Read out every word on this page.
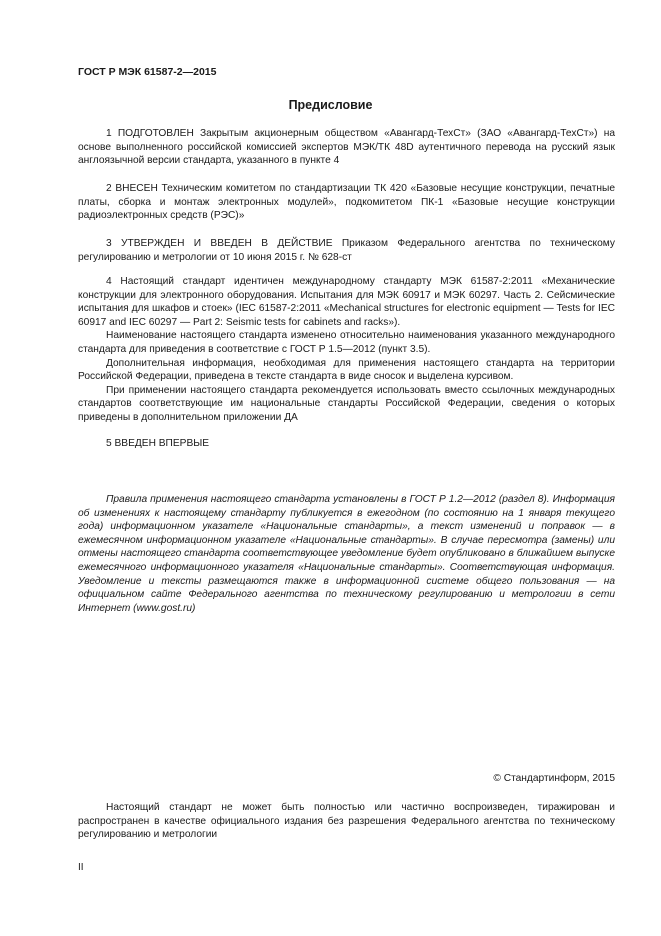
ГОСТ Р МЭК 61587-2—2015
Предисловие

1 ПОДГОТОВЛЕН Закрытым акционерным обществом «Авангард-ТехСт» (ЗАО «Авангард-ТехСт») на основе выполненного российской комиссией экспертов МЭК/ТК 48D аутентичного перевода на русский язык англоязычной версии стандарта, указанного в пункте 4

2 ВНЕСЕН Техническим комитетом по стандартизации ТК 420 «Базовые несущие конструкции, печатные платы, сборка и монтаж электронных модулей», подкомитетом ПК-1 «Базовые несущие конструкции радиоэлектронных средств (РЭС)»

3 УТВЕРЖДЕН И ВВЕДЕН В ДЕЙСТВИЕ Приказом Федерального агентства по техническому регулированию и метрологии от 10 июня 2015 г. № 628-ст

4 Настоящий стандарт идентичен международному стандарту МЭК 61587-2:2011 «Механические конструкции для электронного оборудования. Испытания для МЭК 60917 и МЭК 60297. Часть 2. Сейсмические испытания для шкафов и стоек» (IEC 61587-2:2011 «Mechanical structures for electronic equipment — Tests for IEC 60917 and IEC 60297 — Part 2: Seismic tests for cabinets and racks»).

Наименование настоящего стандарта изменено относительно наименования указанного международного стандарта для приведения в соответствие с ГОСТ Р 1.5—2012 (пункт 3.5).

Дополнительная информация, необходимая для применения настоящего стандарта на территории Российской Федерации, приведена в тексте стандарта в виде сносок и выделена курсивом.

При применении настоящего стандарта рекомендуется использовать вместо ссылочных международных стандартов соответствующие им национальные стандарты Российской Федерации, сведения о которых приведены в дополнительном приложении ДА

5 ВВЕДЕН ВПЕРВЫЕ

Правила применения настоящего стандарта установлены в ГОСТ Р 1.2—2012 (раздел 8). Информация об изменениях к настоящему стандарту публикуется в ежегодном (по состоянию на 1 января текущего года) информационном указателе «Национальные стандарты», а текст изменений и поправок — в ежемесячном информационном указателе «Национальные стандарты». В случае пересмотра (замены) или отмены настоящего стандарта соответствующее уведомление будет опубликовано в ближайшем выпуске ежемесячного информационного указателя «Национальные стандарты». Соответствующая информация. Уведомление и тексты размещаются также в информационной системе общего пользования — на официальном сайте Федерального агентства по техническому регулированию и метрологии в сети Интернет (www.gost.ru)

© Стандартинформ, 2015

Настоящий стандарт не может быть полностью или частично воспроизведен, тиражирован и распространен в качестве официального издания без разрешения Федерального агентства по техническому регулированию и метрологии

II
